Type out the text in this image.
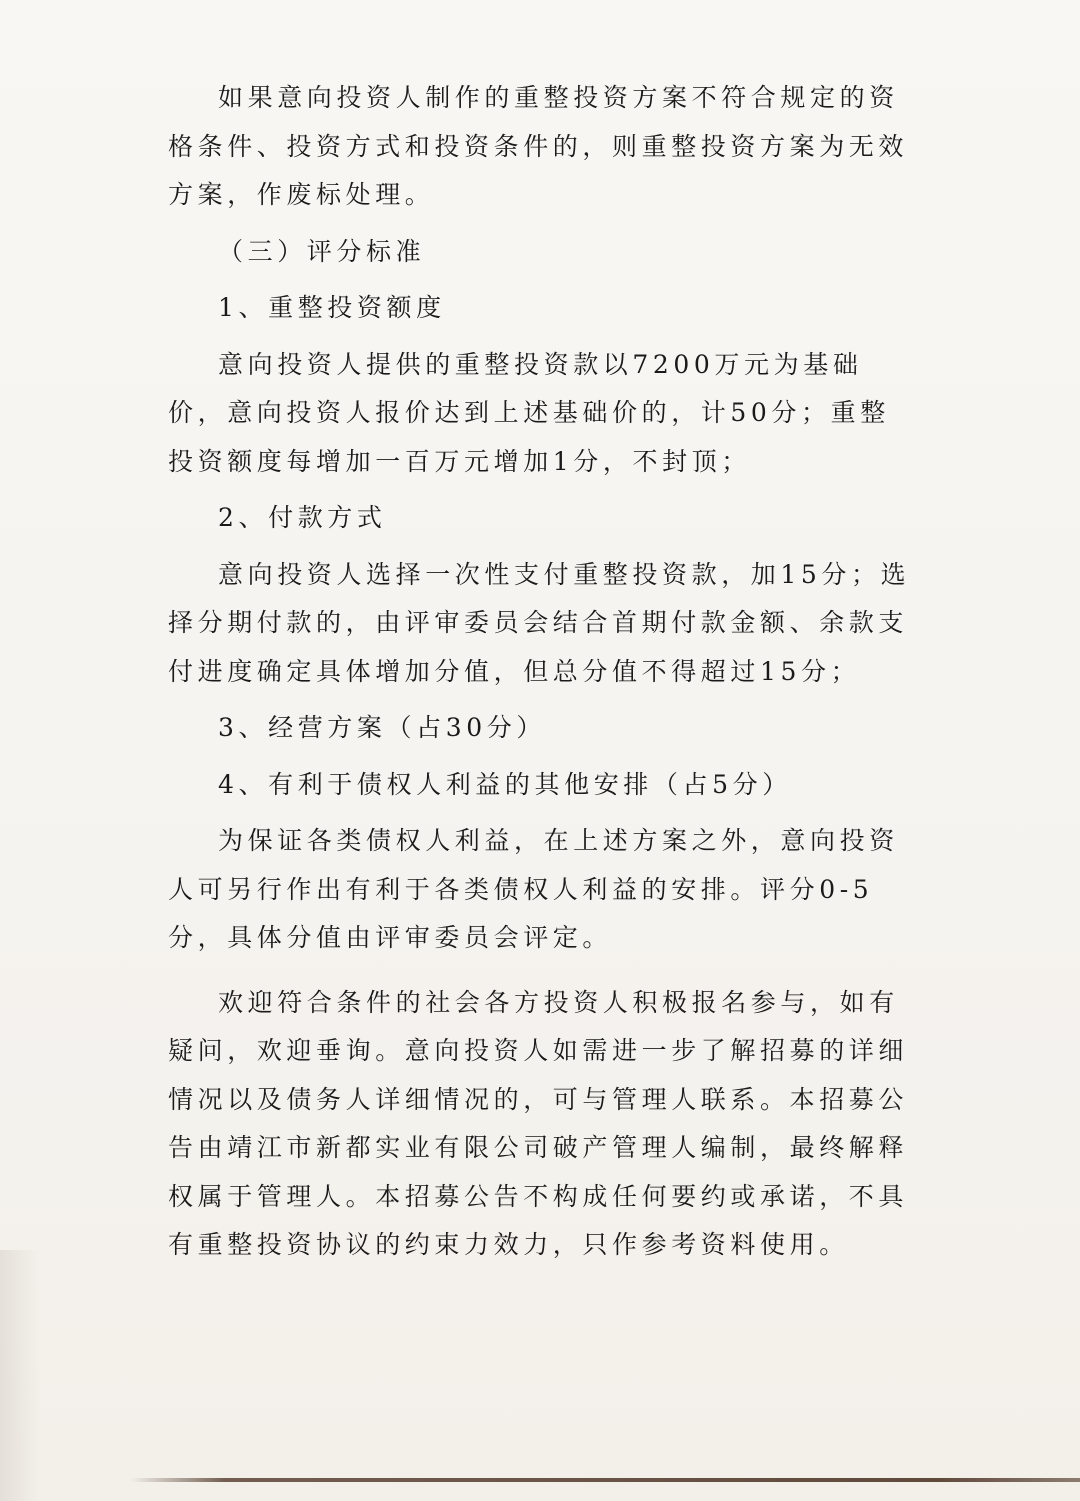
如果意向投资人制作的重整投资方案不符合规定的资格条件、投资方式和投资条件的，则重整投资方案为无效方案，作废标处理。

（三）评分标准

1、重整投资额度

意向投资人提供的重整投资款以7200万元为基础价，意向投资人报价达到上述基础价的，计50分；重整投资额度每增加一百万元增加1分，不封顶；

2、付款方式

意向投资人选择一次性支付重整投资款，加15分；选择分期付款的，由评审委员会结合首期付款金额、余款支付进度确定具体增加分值，但总分值不得超过15分；

3、经营方案（占30分）

4、有利于债权人利益的其他安排（占5分）

为保证各类债权人利益，在上述方案之外，意向投资人可另行作出有利于各类债权人利益的安排。评分0-5分，具体分值由评审委员会评定。

欢迎符合条件的社会各方投资人积极报名参与，如有疑问，欢迎垂询。意向投资人如需进一步了解招募的详细情况以及债务人详细情况的，可与管理人联系。本招募公告由靖江市新都实业有限公司破产管理人编制，最终解释权属于管理人。本招募公告不构成任何要约或承诺，不具有重整投资协议的约束力效力，只作参考资料使用。
